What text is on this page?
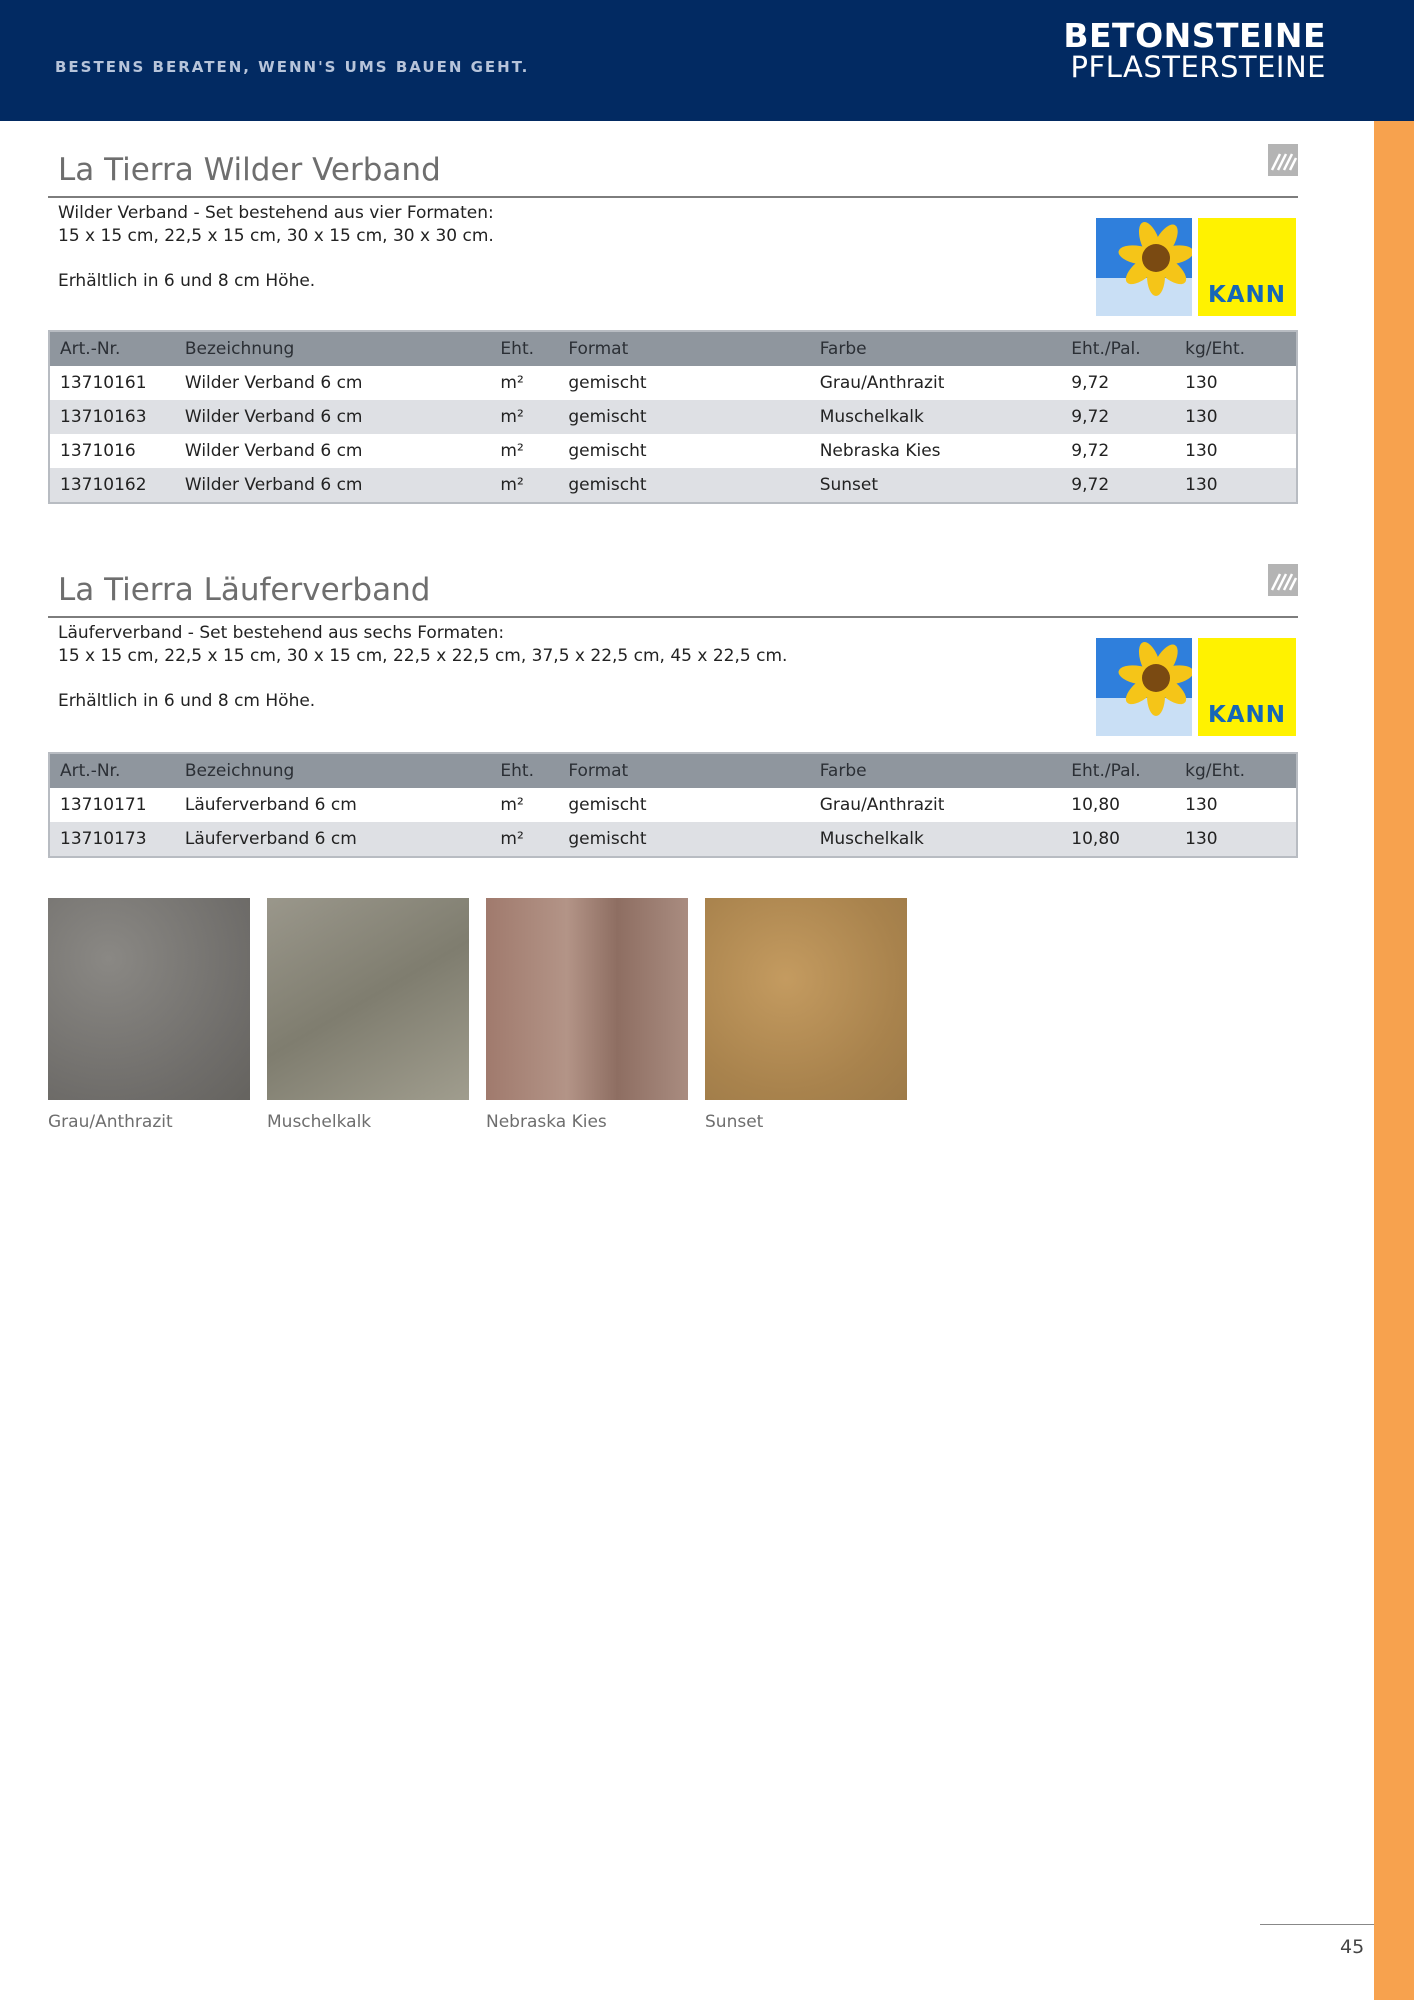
BESTENS BERATEN, WENN'S UMS BAUEN GEHT.
BETONSTEINE
PFLASTERSTEINE
La Tierra Wilder Verband

Wilder Verband - Set bestehend aus vier Formaten:

15 x 15 cm, 22,5 x 15 cm, 30 x 15 cm, 30 x 30 cm.

Erhältlich in 6 und 8 cm Höhe.

KANN
Art.-Nr.	Bezeichnung	Eht.	Format	Farbe	Eht./Pal.	kg/Eht.
13710161	Wilder Verband 6 cm	m²	gemischt	Grau/Anthrazit	9,72	130
13710163	Wilder Verband 6 cm	m²	gemischt	Muschelkalk	9,72	130
1371016	Wilder Verband 6 cm	m²	gemischt	Nebraska Kies	9,72	130
13710162	Wilder Verband 6 cm	m²	gemischt	Sunset	9,72	130
La Tierra Läuferverband

Läuferverband - Set bestehend aus sechs Formaten:

15 x 15 cm, 22,5 x 15 cm, 30 x 15 cm, 22,5 x 22,5 cm, 37,5 x 22,5 cm, 45 x 22,5 cm.

Erhältlich in 6 und 8 cm Höhe.

KANN
Art.-Nr.	Bezeichnung	Eht.	Format	Farbe	Eht./Pal.	kg/Eht.
13710171	Läuferverband 6 cm	m²	gemischt	Grau/Anthrazit	10,80	130
13710173	Läuferverband 6 cm	m²	gemischt	Muschelkalk	10,80	130
Grau/Anthrazit	Muschelkalk	Nebraska Kies	Sunset
45
